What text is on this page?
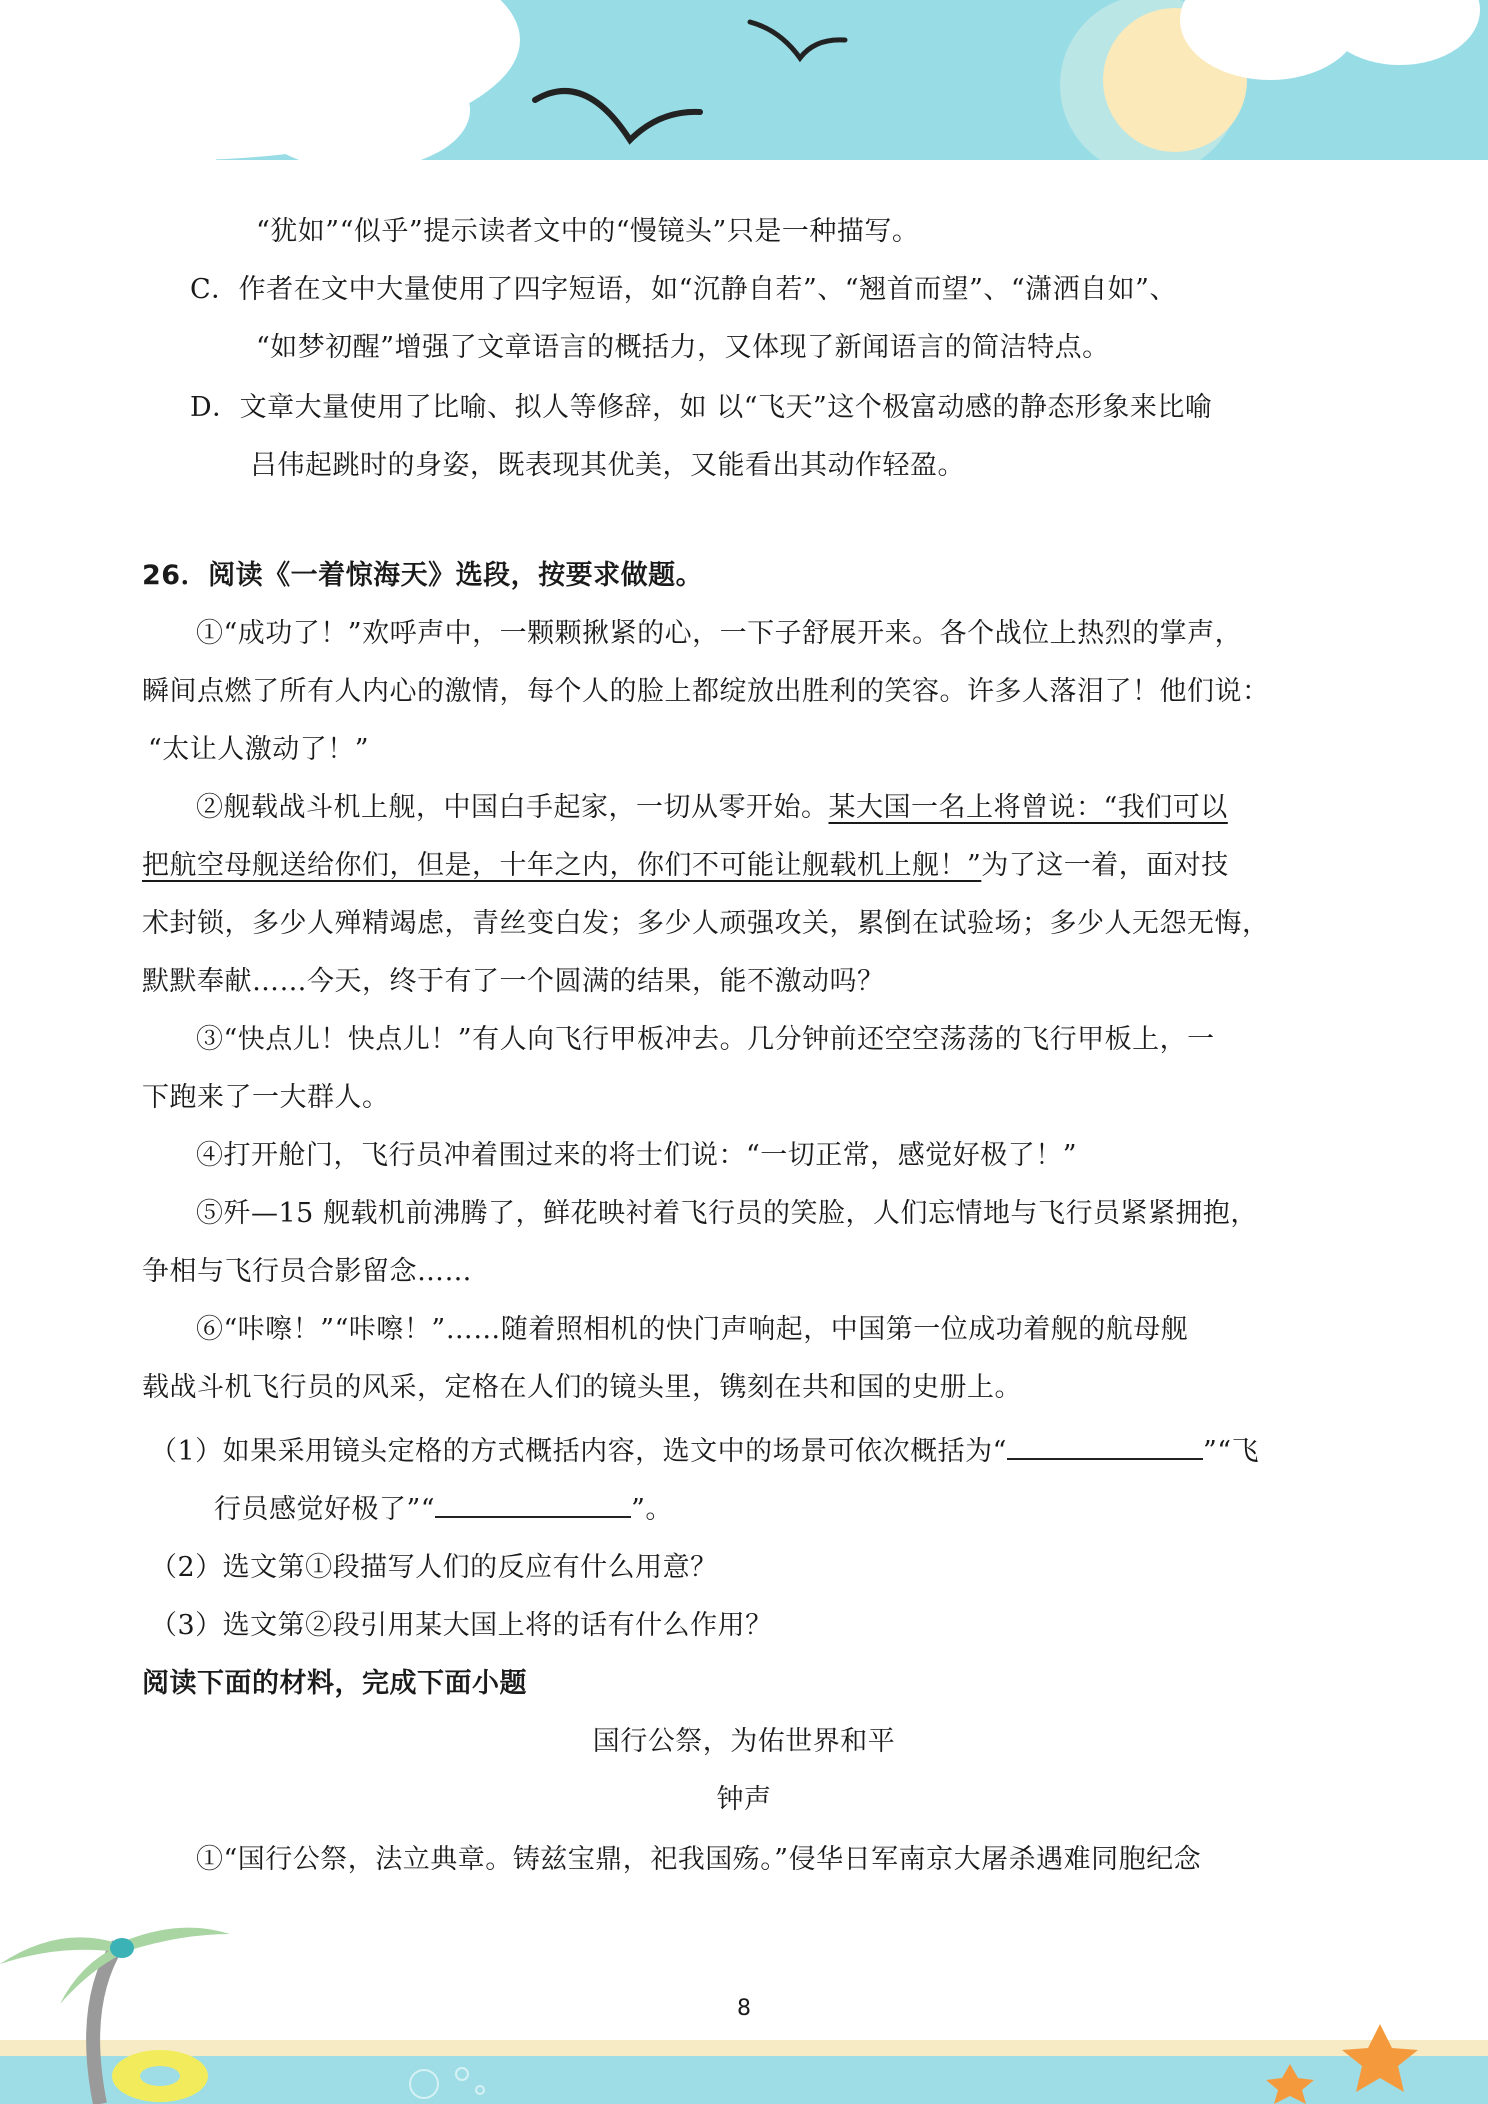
“犹如”“似乎”提示读者文中的“慢镜头”只是一种描写。
C．作者在文中大量使用了四字短语，如“沉静自若”、“翘首而望”、“潇洒自如”、
“如梦初醒”增强了文章语言的概括力，又体现了新闻语言的简洁特点。
D．文章大量使用了比喻、拟人等修辞，如 以“飞天”这个极富动感的静态形象来比喻
吕伟起跳时的身姿，既表现其优美，又能看出其动作轻盈。
26．阅读《一着惊海天》选段，按要求做题。
①“成功了！”欢呼声中，一颗颗揪紧的心，一下子舒展开来。各个战位上热烈的掌声，
瞬间点燃了所有人内心的激情，每个人的脸上都绽放出胜利的笑容。许多人落泪了！他们说：
“太让人激动了！”
②舰载战斗机上舰，中国白手起家，一切从零开始。某大国一名上将曾说：“我们可以
把航空母舰送给你们，但是，十年之内，你们不可能让舰载机上舰！”为了这一着，面对技
术封锁，多少人殚精竭虑，青丝变白发；多少人顽强攻关，累倒在试验场；多少人无怨无悔，
默默奉献……今天，终于有了一个圆满的结果，能不激动吗？
③“快点儿！快点儿！”有人向飞行甲板冲去。几分钟前还空空荡荡的飞行甲板上，一
下跑来了一大群人。
④打开舱门，飞行员冲着围过来的将士们说：“一切正常，感觉好极了！”
⑤歼—15 舰载机前沸腾了，鲜花映衬着飞行员的笑脸，人们忘情地与飞行员紧紧拥抱，
争相与飞行员合影留念……
⑥“咔嚓！”“咔嚓！”……随着照相机的快门声响起，中国第一位成功着舰的航母舰
载战斗机飞行员的风采，定格在人们的镜头里，镌刻在共和国的史册上。
（1）如果采用镜头定格的方式概括内容，选文中的场景可依次概括为“	”“飞
行员感觉好极了”“	”。
（2）选文第①段描写人们的反应有什么用意？
（3）选文第②段引用某大国上将的话有什么作用？
阅读下面的材料，完成下面小题
国行公祭，为佑世界和平
钟声
①“国行公祭，法立典章。铸兹宝鼎，祀我国殇。”侵华日军南京大屠杀遇难同胞纪念
8
